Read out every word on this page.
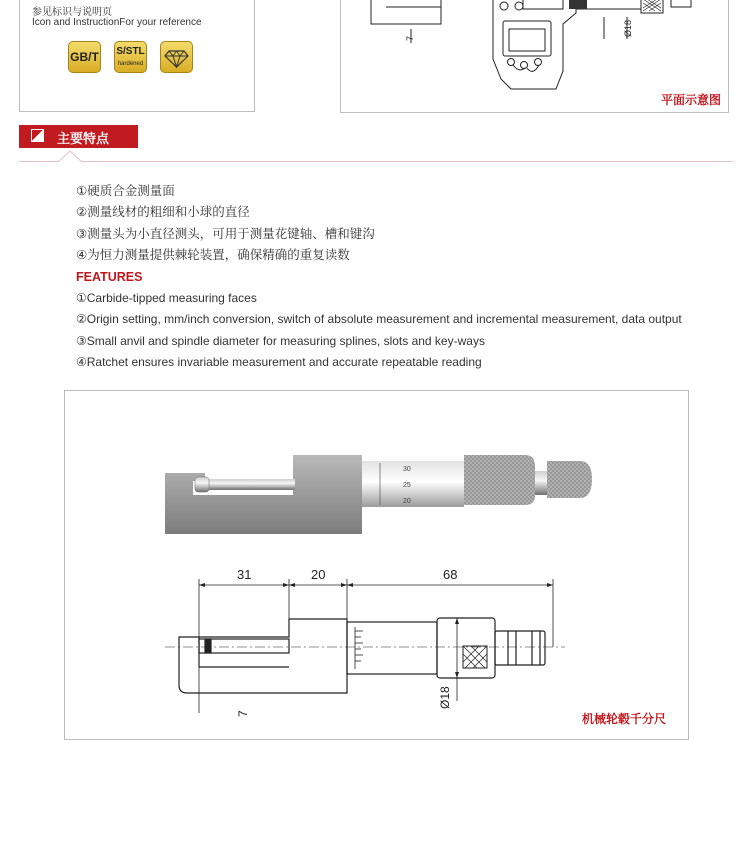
参见标识与说明页
Icon and InstructionFor your reference
GB/T S/STL
hardened
7
Ø18
平面示意图
主要特点
①硬质合金测量面
②测量线材的粗细和小球的直径
③测量头为小直径测头，可用于测量花键轴、槽和键沟
④为恒力测量提供棘轮装置，确保精确的重复读数
FEATURES
①Carbide-tipped measuring faces
②Origin setting, mm/inch conversion, switch of absolute measurement and incremental measurement, data output
③Small anvil and spindle diameter for measuring splines, slots and key-ways
④Ratchet ensures invariable measurement and accurate repeatable reading
30
25
20
31	20	68
7
Ø18
机械轮毂千分尺
